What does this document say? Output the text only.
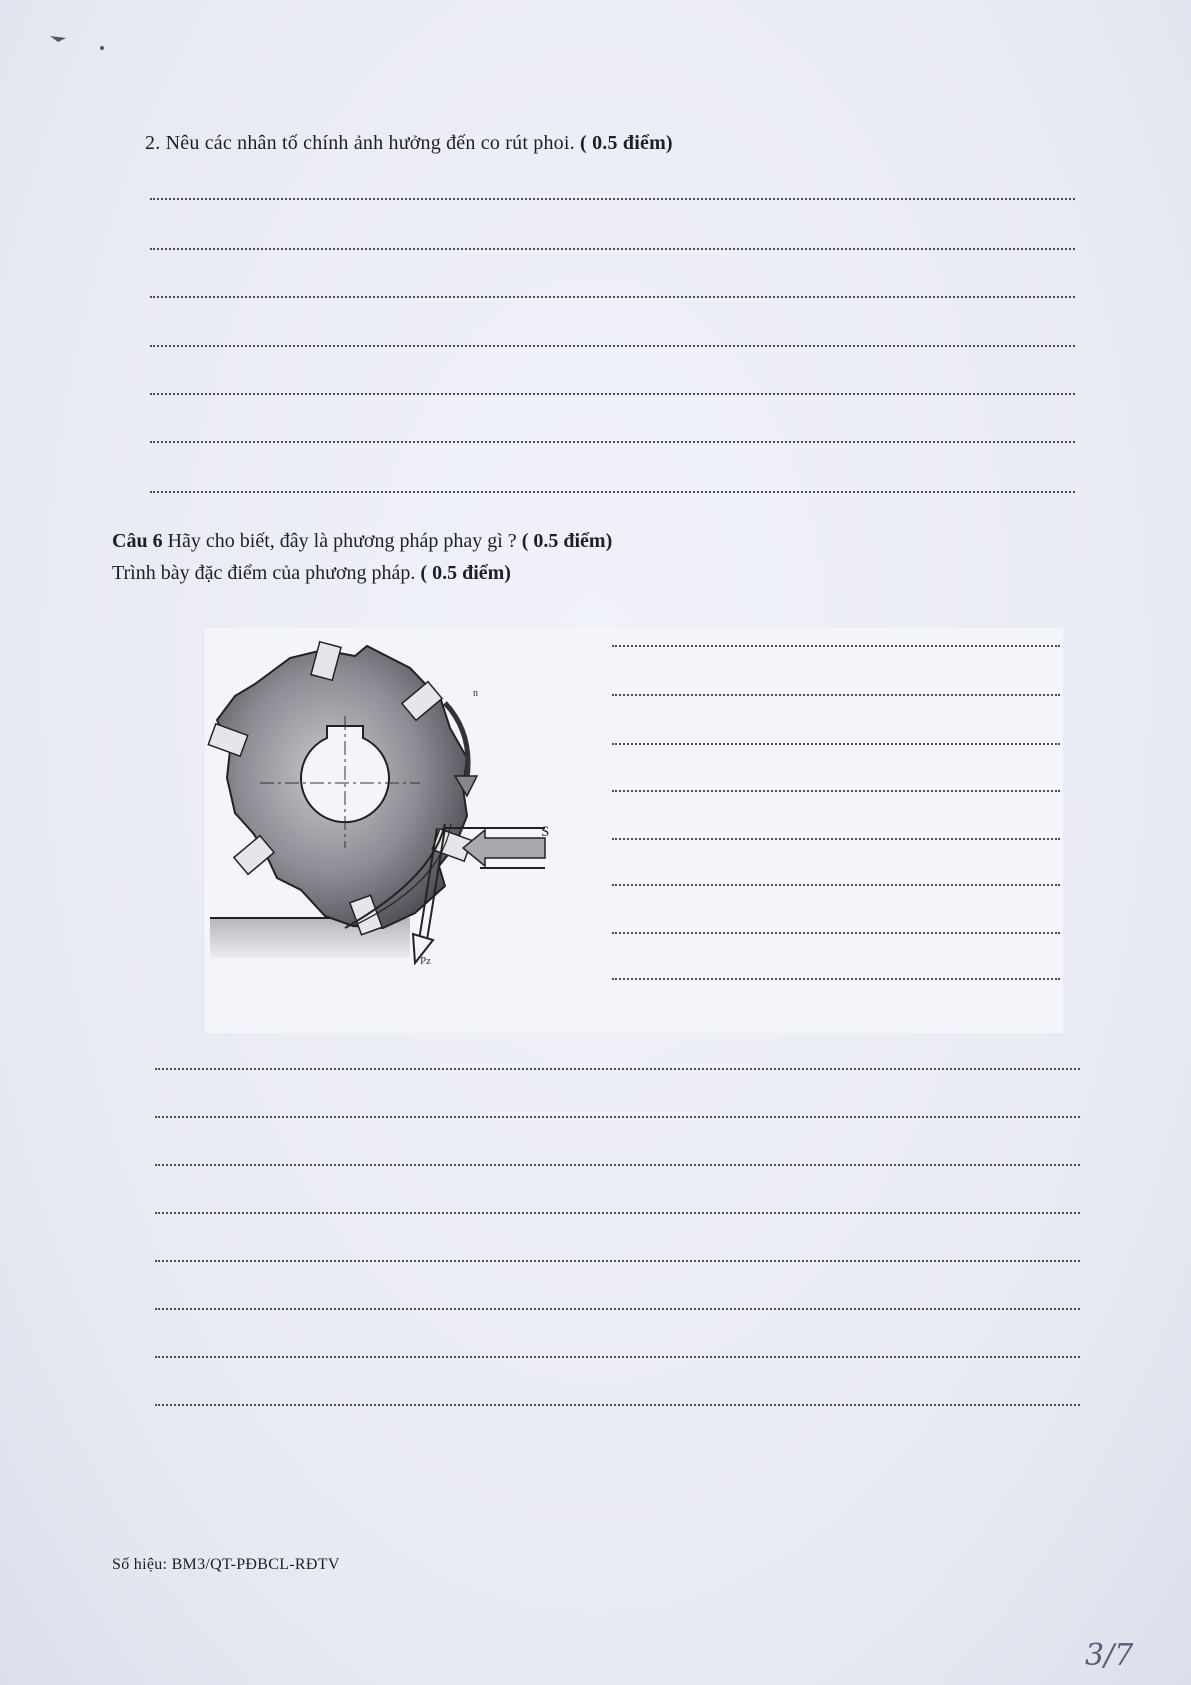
2. Nêu các nhân tố chính ảnh hưởng đến co rút phoi. ( 0.5 điểm)
Câu 6 Hãy cho biết, đây là phương pháp phay gì ? ( 0.5 điểm)
Trình bày đặc điểm của phương pháp. ( 0.5 điểm)
n
S
Pz
Số hiệu: BM3/QT-PĐBCL-RĐTV
3/7
